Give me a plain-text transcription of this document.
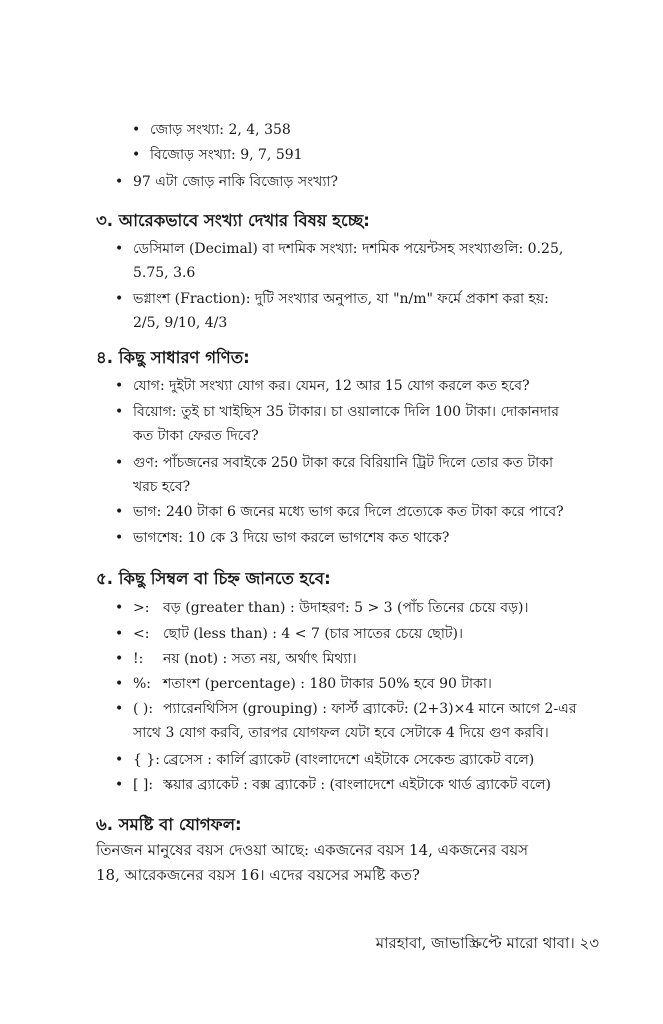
• জোড় সংখ্যা: 2, 4, 358
• বিজোড় সংখ্যা: 9, 7, 591
• 97 এটা জোড় নাকি বিজোড় সংখ্যা?
৩. আরেকভাবে সংখ্যা দেখার বিষয় হচ্ছে:
• ডেসিমাল (Decimal) বা দশমিক সংখ্যা: দশমিক পয়েন্টসহ সংখ্যাগুলি: 0.25,
5.75, 3.6
• ভগ্নাংশ (Fraction): দুটি সংখ্যার অনুপাত, যা "n/m" ফর্মে প্রকাশ করা হয়:
2/5, 9/10, 4/3
৪. কিছু সাধারণ গণিত:
• যোগ: দুইটা সংখ্যা যোগ কর। যেমন, 12 আর 15 যোগ করলে কত হবে?
• বিয়োগ: তুই চা খাইছিস 35 টাকার। চা ওয়ালাকে দিলি 100 টাকা। দোকানদার
কত টাকা ফেরত দিবে?
• গুণ: পাঁচজনের সবাইকে 250 টাকা করে বিরিয়ানি ট্রিট দিলে তোর কত টাকা
খরচ হবে?
• ভাগ: 240 টাকা 6 জনের মধ্যে ভাগ করে দিলে প্রত্যেকে কত টাকা করে পাবে?
• ভাগশেষ: 10 কে 3 দিয়ে ভাগ করলে ভাগশেষ কত থাকে?
৫. কিছু সিম্বল বা চিহ্ন জানতে হবে:
• >: বড় (greater than) : উদাহরণ: 5 > 3 (পাঁচ তিনের চেয়ে বড়)।
• <: ছোট (less than) : 4 < 7 (চার সাতের চেয়ে ছোট)।
• !: নয় (not) : সত্য নয়, অর্থাৎ মিথ্যা।
• %: শতাংশ (percentage) : 180 টাকার 50% হবে 90 টাকা।
• ( ): প্যারেনথিসিস (grouping) : ফার্স্ট ব্র্যাকেট: (2+3)×4 মানে আগে 2-এর
সাথে 3 যোগ করবি, তারপর যোগফল যেটা হবে সেটাকে 4 দিয়ে গুণ করবি।
• { }: ব্রেসেস : কার্লি ব্র্যাকেট (বাংলাদেশে এইটাকে সেকেন্ড ব্র্যাকেট বলে)
• [ ]: স্কয়ার ব্র্যাকেট : বক্স ব্র্যাকেট : (বাংলাদেশে এইটাকে থার্ড ব্র্যাকেট বলে)
৬. সমষ্টি বা যোগফল:
তিনজন মানুষের বয়স দেওয়া আছে: একজনের বয়স 14, একজনের বয়স
18, আরেকজনের বয়স 16। এদের বয়সের সমষ্টি কত?
মারহাবা, জাভাস্ক্রিপ্টে মারো থাবা। ২৩
